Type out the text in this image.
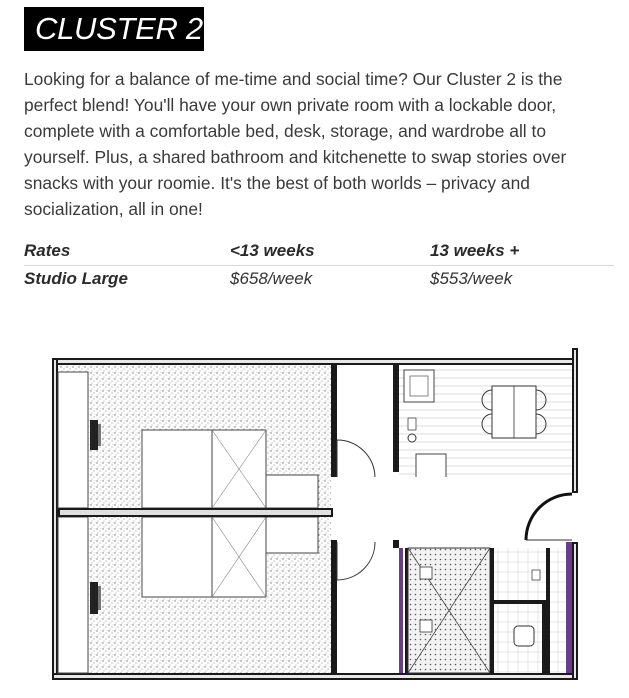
CLUSTER 2

Looking for a balance of me-time and social time? Our Cluster 2 is the perfect blend! You'll have your own private room with a lockable door, complete with a comfortable bed, desk, storage, and wardrobe all to yourself. Plus, a shared bathroom and kitchenette to swap stories over snacks with your roomie. It's the best of both worlds – privacy and socialization, all in one!

Rates	<13 weeks	13 weeks +
Studio Large	$658/week	$553/week
